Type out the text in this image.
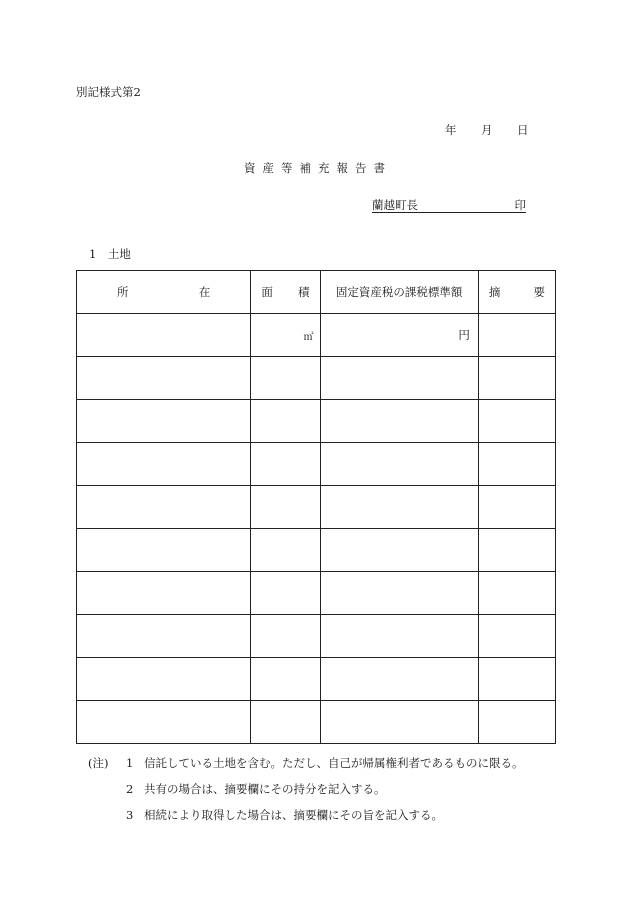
別記様式第2
年 月 日
資産等補充報告書
蘭越町長	印
1　土地
所 在	面 積	固定資産税の課税標準額	摘 要

	㎡	円	

(注) 1 信託している土地を含む。ただし、自己が帰属権利者であるものに限る。
2 共有の場合は、摘要欄にその持分を記入する。
3 相続により取得した場合は、摘要欄にその旨を記入する。
